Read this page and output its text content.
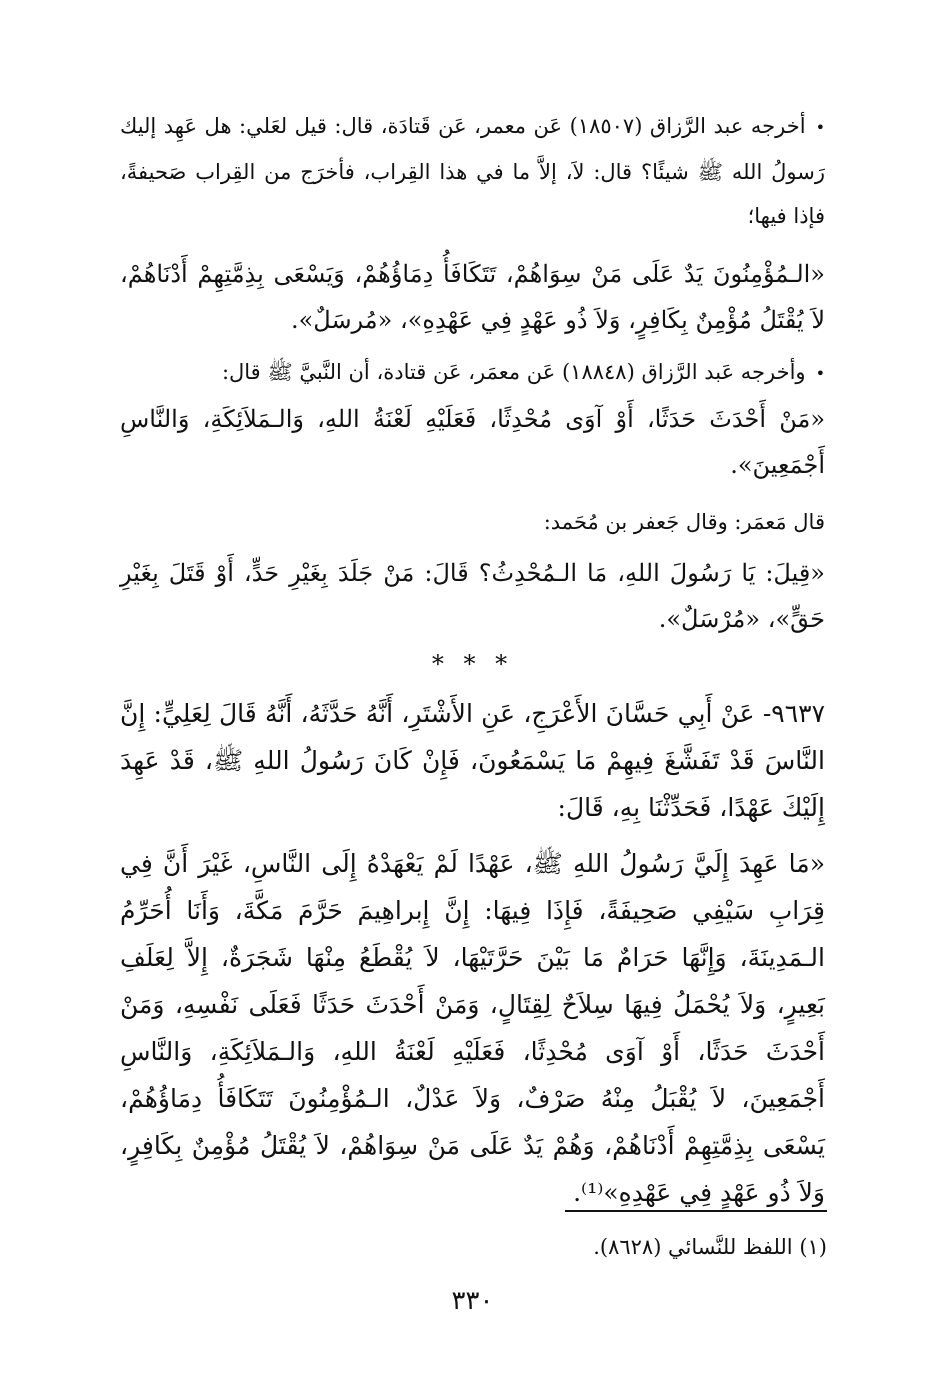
•أخرجه عبد الرَّزاق (١٨٥٠٧) عَن معمر، عَن قَتادَة، قال: قيل لعَلي: هل عَهِد إليك رَسولُ الله ﷺ شيئًا؟ قال: لاَ، إلاَّ ما في هذا القِراب، فأخرَج من القِراب صَحيفةً، فإذا فيها؛

«الـمُؤْمِنُونَ يَدٌ عَلَى مَنْ سِوَاهُمْ، تَتَكَافَأُ دِمَاؤُهُمْ، وَيَسْعَى بِذِمَّتِهِمْ أَدْنَاهُمْ، لاَ يُقْتَلُ مُؤْمِنٌ بِكَافِرٍ، وَلاَ ذُو عَهْدٍ فِي عَهْدِهِ»، «مُرسَلٌ».

•وأخرجه عَبد الرَّزاق (١٨٨٤٨) عَن معمَر، عَن قتادة، أن النَّبيَّ ﷺ قال:

«مَنْ أَحْدَثَ حَدَثًا، أَوْ آوَى مُحْدِثًا، فَعَلَيْهِ لَعْنَةُ اللهِ، وَالـمَلاَئِكَةِ، وَالنَّاسِ أَجْمَعِينَ».

قال مَعمَر: وقال جَعفر بن مُحَمد:

«قِيلَ: يَا رَسُولَ اللهِ، مَا الـمُحْدِثُ؟ قَالَ: مَنْ جَلَدَ بِغَيْرِ حَدٍّ، أَوْ قَتَلَ بِغَيْرِ حَقٍّ»، «مُرْسَلٌ».

* * *

٩٦٣٧- عَنْ أَبِي حَسَّانَ الأَعْرَجِ، عَنِ الأَشْتَرِ، أَنَّهُ حَدَّثَهُ، أَنَّهُ قَالَ لِعَلِيٍّ: إِنَّ النَّاسَ قَدْ تَفَشَّغَ فِيهِمْ مَا يَسْمَعُونَ، فَإِنْ كَانَ رَسُولُ اللهِ ﷺ، قَدْ عَهِدَ إِلَيْكَ عَهْدًا، فَحَدِّثْنَا بِهِ، قَالَ:

«مَا عَهِدَ إِلَيَّ رَسُولُ اللهِ ﷺ، عَهْدًا لَمْ يَعْهَدْهُ إِلَى النَّاسِ، غَيْرَ أَنَّ فِي قِرَابِ سَيْفِي صَحِيفَةً، فَإِذَا فِيهَا: إِنَّ إِبراهِيمَ حَرَّمَ مَكَّةَ، وَأَنَا أُحَرِّمُ الـمَدِينَةَ، وَإِنَّهَا حَرَامٌ مَا بَيْنَ حَرَّتَيْهَا، لاَ يُقْطَعُ مِنْهَا شَجَرَةٌ، إِلاَّ لِعَلَفِ بَعِيرٍ، وَلاَ يُحْمَلُ فِيهَا سِلاَحٌ لِقِتَالٍ، وَمَنْ أَحْدَثَ حَدَثًا فَعَلَى نَفْسِهِ، وَمَنْ أَحْدَثَ حَدَثًا، أَوْ آوَى مُحْدِثًا، فَعَلَيْهِ لَعْنَةُ اللهِ، وَالـمَلاَئِكَةِ، وَالنَّاسِ أَجْمَعِينَ، لاَ يُقْبَلُ مِنْهُ صَرْفٌ، وَلاَ عَدْلٌ، الـمُؤْمِنُونَ تَتَكَافَأُ دِمَاؤُهُمْ، يَسْعَى بِذِمَّتِهِمْ أَدْنَاهُمْ، وَهُمْ يَدٌ عَلَى مَنْ سِوَاهُمْ، لاَ يُقْتَلُ مُؤْمِنٌ بِكَافِرٍ، وَلاَ ذُو عَهْدٍ فِي عَهْدِهِ»⁽¹⁾.

(١) اللفظ للنَّسائي (٨٦٢٨).

٣٣٠
